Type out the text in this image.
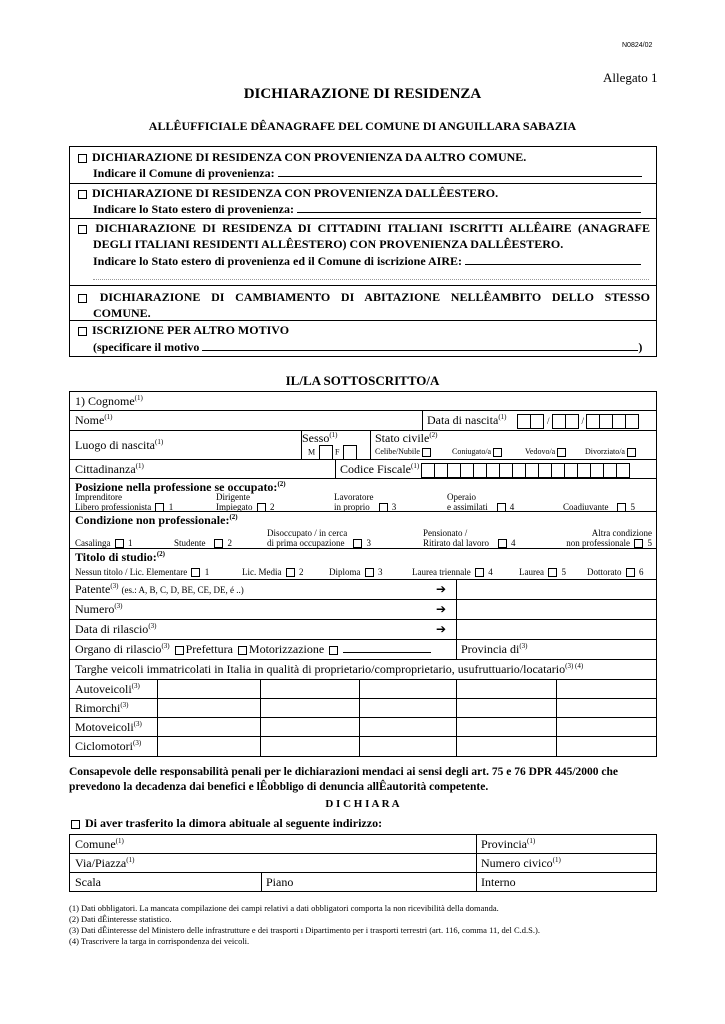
N0824/02
Allegato 1
DICHIARAZIONE DI RESIDENZA
ALLÊUFFICIALE DÊANAGRAFE DEL COMUNE DI ANGUILLARA SABAZIA
DICHIARAZIONE DI RESIDENZA CON PROVENIENZA DA ALTRO COMUNE.
Indicare il Comune di provenienza:
DICHIARAZIONE DI RESIDENZA CON PROVENIENZA DALLÊESTERO.
Indicare lo Stato estero di provenienza:
DICHIARAZIONE DI RESIDENZA DI CITTADINI ITALIANI ISCRITTI ALLÊAIRE (ANAGRAFE
DEGLI ITALIANI RESIDENTI ALLÊESTERO) CON PROVENIENZA DALLÊESTERO.
Indicare lo Stato estero di provenienza ed il Comune di iscrizione AIRE:
DICHIARAZIONE DI CAMBIAMENTO DI ABITAZIONE NELLÊAMBITO DELLO STESSO
COMUNE.
ISCRIZIONE PER ALTRO MOTIVO
(specificare il motivo	)
IL/LA SOTTOSCRITTO/A
1) Cognome$^{(1)}$
Nome$^{(1)}$	Data di nascita$^{(1)}$	/	/
Luogo di nascita$^{(1)}$	Sesso$^{(1)}$
M	F
Stato civile$^{(2)}$
Celibe/Nubile	Coniugato/a	Vedovo/a	Divorziato/a
Cittadinanza$^{(1)}$	Codice Fiscale$^{(1)}$
Posizione nella professione se occupato:$^{(2)}$
Imprenditore
Libero professionista 1
Dirigente
Impiegato 2
Lavoratore
in proprio 3
Operaio
e assimilati 4	Coadiuvante 5
Condizione non professionale:$^{(2)}$
Casalinga 1	Studente 2
Disoccupato / in cerca
di prima occupazione 3
Pensionato /
Ritirato dal lavoro 4
Altra condizione
non professionale 5
Titolo di studio:$^{(2)}$
Nessun titolo / Lic. Elementare 1	Lic. Media 2	Diploma 3	Laurea triennale 4	Laurea 5 Dottorato 6
Patente$^{(3)}$ (es.: A, B, C, D, BE, CE, DE, é ..)	➔
Numero$^{(3)}$	➔
Data di rilascio$^{(3)}$	➔
Organo di rilascio$^{(3)}$ Prefettura Motorizzazione	Provincia $di^{(3)}$
Targhe veicoli immatricolati in Italia in qualità di proprietario/comproprietario, usufruttuario/locatario$^{(3) (4)}$
Autoveicoli$^{(3)}$
Rimorchi$^{(3)}$
Motoveicoli$^{(3)}$
Ciclomotori$^{(3)}$
Consapevole delle responsabilità penali per le dichiarazioni mendaci ai sensi degli art. 75 e 76 DPR 445/2000 che
prevedono la decadenza dai benefici e lÊobbligo di denuncia allÊautorità competente.
D I C H I A R A
Di aver trasferito la dimora abituale al seguente indirizzo:
Comune$^{(1)}$	Provincia$^{(1)}$
Via/Piazza$^{(1)}$	Numero civico$^{(1)}$
Scala	Piano	Interno
(1) Dati obbligatori. La mancata compilazione dei campi relativi a dati obbligatori comporta la non ricevibilità della domanda.
(2) Dati dÊinteresse statistico.
(3) Dati dÊinteresse del Ministero delle infrastrutture e dei trasporti ı Dipartimento per i trasporti terrestri (art. 116, comma 11, del C.d.S.).
(4) Trascrivere la targa in corrispondenza dei veicoli.
